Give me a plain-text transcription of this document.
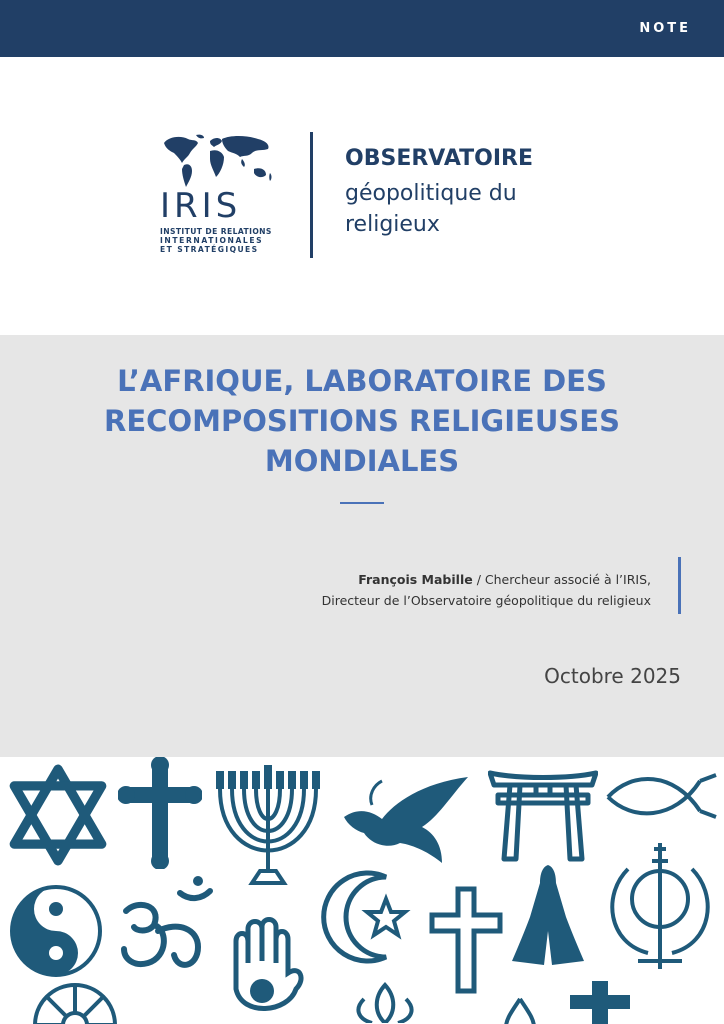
NOTE
IRIS
INSTITUT DE RELATIONS
INTERNATIONALES
ET STRATÉGIQUES
OBSERVATOIRE
géopolitique du
religieux
L’AFRIQUE, LABORATOIRE DES
RECOMPOSITIONS RELIGIEUSES
MONDIALES
François Mabille / Chercheur associé à l’IRIS,
Directeur de l’Observatoire géopolitique du religieux
Octobre 2025
